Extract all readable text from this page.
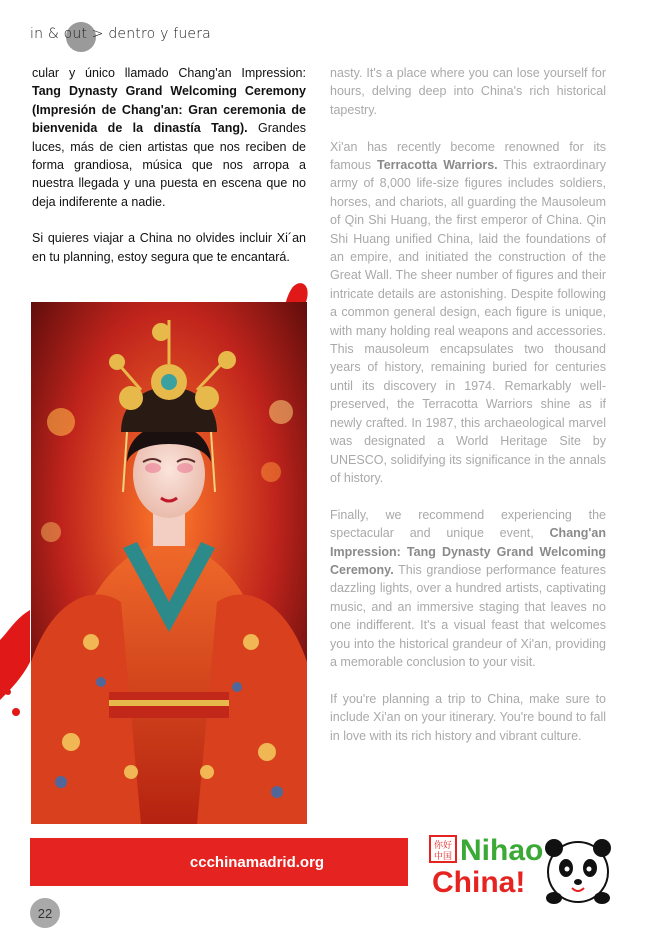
in & out > dentro y fuera

cular y único llamado Chang'an Impression: Tang Dynasty Grand Welcoming Ceremony (Impresión de Chang'an: Gran ceremonia de bienvenida de la dinastía Tang). Grandes luces, más de cien artistas que nos reciben de forma grandiosa, música que nos arropa a nuestra llegada y una puesta en escena que no deja indiferente a nadie.

Si quieres viajar a China no olvides incluir Xi´an en tu planning, estoy segura que te encantará.

nasty. It's a place where you can lose yourself for hours, delving deep into China's rich historical tapestry.

Xi'an has recently become renowned for its famous Terracotta Warriors. This extraordinary army of 8,000 life-size figures includes soldiers, horses, and chariots, all guarding the Mausoleum of Qin Shi Huang, the first emperor of China. Qin Shi Huang unified China, laid the foundations of an empire, and initiated the construction of the Great Wall. The sheer number of figures and their intricate details are astonishing. Despite following a common general design, each figure is unique, with many holding real weapons and accessories. This mausoleum encapsulates two thousand years of history, remaining buried for centuries until its discovery in 1974. Remarkably well-preserved, the Terracotta Warriors shine as if newly crafted. In 1987, this archaeological marvel was designated a World Heritage Site by UNESCO, solidifying its significance in the annals of history.

Finally, we recommend experiencing the spectacular and unique event, Chang'an Impression: Tang Dynasty Grand Welcoming Ceremony. This grandiose performance features dazzling lights, over a hundred artists, captivating music, and an immersive staging that leaves no one indifferent. It's a visual feast that welcomes you into the historical grandeur of Xi'an, providing a memorable conclusion to your visit.

If you're planning a trip to China, make sure to include Xi'an on your itinerary. You're bound to fall in love with its rich history and vibrant culture.

ccchinamadrid.org
你好
中国 Nihao
China!
22
